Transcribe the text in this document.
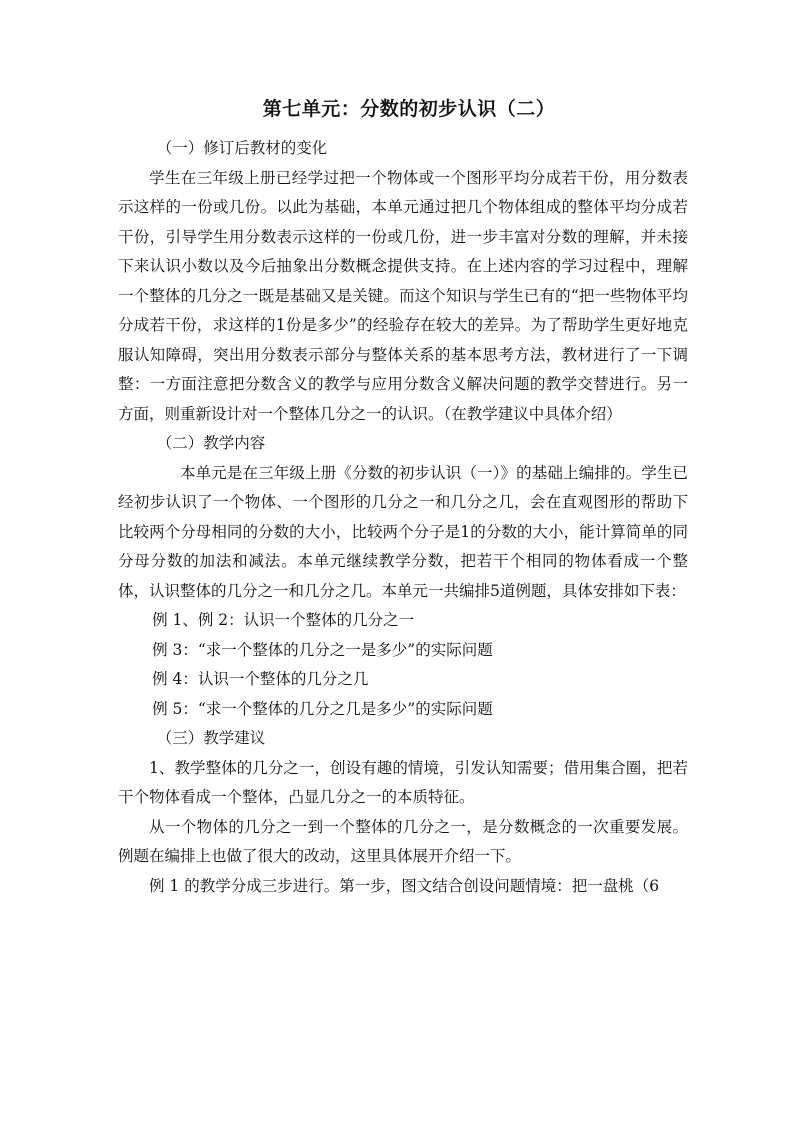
第七单元：分数的初步认识（二）

（一）修订后教材的变化

学生在三年级上册已经学过把一个物体或一个图形平均分成若干份，用分数表示这样的一份或几份。以此为基础，本单元通过把几个物体组成的整体平均分成若干份，引导学生用分数表示这样的一份或几份，进一步丰富对分数的理解，并未接下来认识小数以及今后抽象出分数概念提供支持。在上述内容的学习过程中，理解一个整体的几分之一既是基础又是关键。而这个知识与学生已有的“把一些物体平均分成若干份，求这样的1份是多少”的经验存在较大的差异。为了帮助学生更好地克服认知障碍，突出用分数表示部分与整体关系的基本思考方法，教材进行了一下调整：一方面注意把分数含义的教学与应用分数含义解决问题的教学交替进行。另一方面，则重新设计对一个整体几分之一的认识。（在教学建议中具体介绍）

（二）教学内容

本单元是在三年级上册《分数的初步认识（一）》的基础上编排的。学生已经初步认识了一个物体、一个图形的几分之一和几分之几，会在直观图形的帮助下比较两个分母相同的分数的大小，比较两个分子是1的分数的大小，能计算简单的同分母分数的加法和减法。本单元继续教学分数，把若干个相同的物体看成一个整体，认识整体的几分之一和几分之几。本单元一共编排5道例题，具体安排如下表：

例 1、例 2：认识一个整体的几分之一

例 3：“求一个整体的几分之一是多少”的实际问题

例 4：认识一个整体的几分之几

例 5：“求一个整体的几分之几是多少”的实际问题

（三）教学建议

1、教学整体的几分之一，创设有趣的情境，引发认知需要；借用集合圈，把若干个物体看成一个整体，凸显几分之一的本质特征。

从一个物体的几分之一到一个整体的几分之一，是分数概念的一次重要发展。例题在编排上也做了很大的改动，这里具体展开介绍一下。

例 1 的教学分成三步进行。第一步，图文结合创设问题情境：把一盘桃（6
